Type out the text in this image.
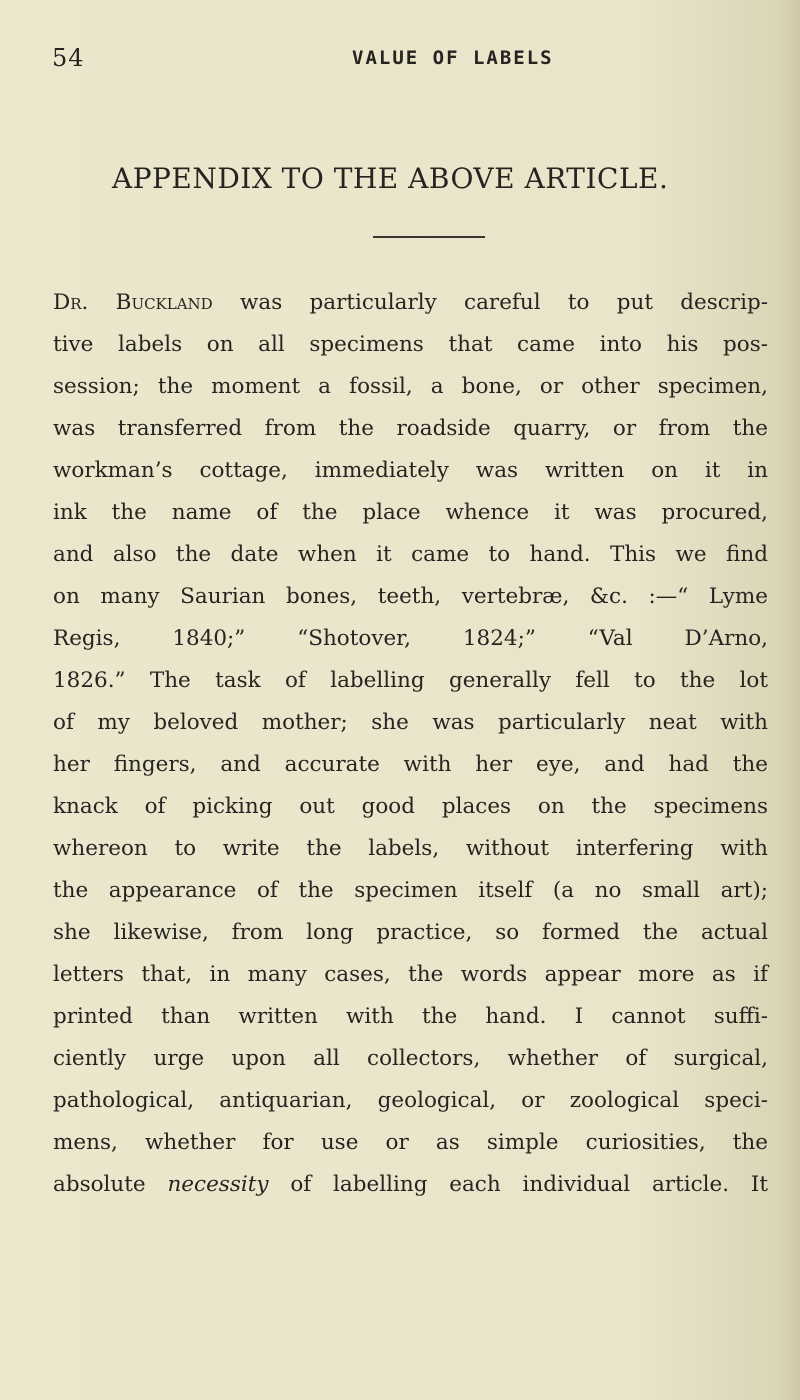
54	VALUE OF LABELS
APPENDIX TO THE ABOVE ARTICLE.
Dr. Buckland was particularly careful to put descrip-
tive labels on all specimens that came into his pos-
session; the moment a fossil, a bone, or other specimen,
was transferred from the roadside quarry, or from the
workman’s cottage, immediately was written on it in
ink the name of the place whence it was procured,
and also the date when it came to hand. This we find
on many Saurian bones, teeth, vertebræ, &c. :—“ Lyme
Regis, 1840;” “Shotover, 1824;” “Val D’Arno,
1826.” The task of labelling generally fell to the lot
of my beloved mother; she was particularly neat with
her fingers, and accurate with her eye, and had the
knack of picking out good places on the specimens
whereon to write the labels, without interfering with
the appearance of the specimen itself (a no small art);
she likewise, from long practice, so formed the actual
letters that, in many cases, the words appear more as if
printed than written with the hand. I cannot suffi-
ciently urge upon all collectors, whether of surgical,
pathological, antiquarian, geological, or zoological speci-
mens, whether for use or as simple curiosities, the
absolute necessity of labelling each individual article. It
